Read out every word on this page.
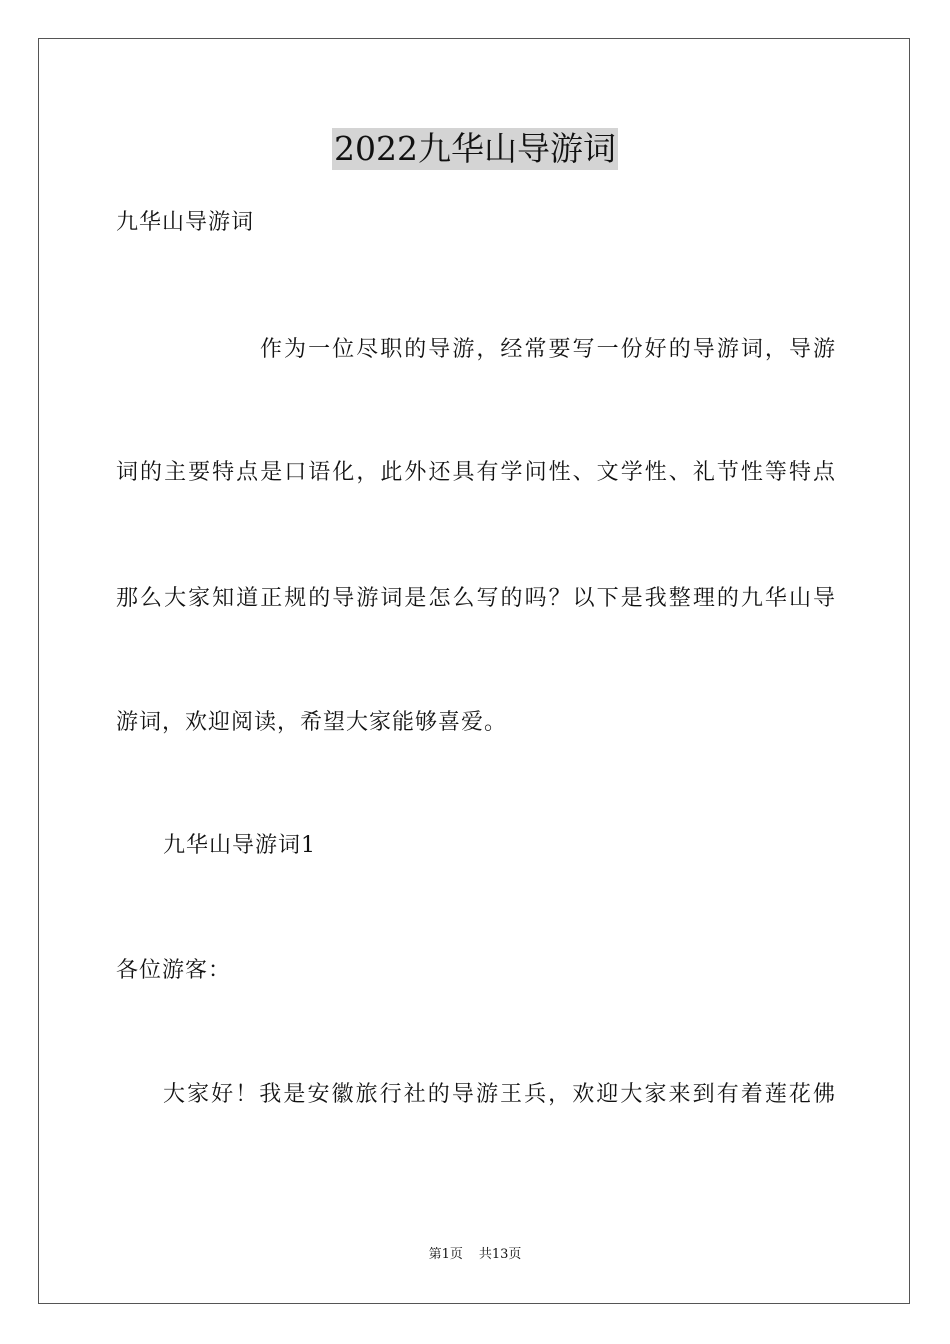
2022九华山导游词
九华山导游词
作为一位尽职的导游，经常要写一份好的导游词，导游
词的主要特点是口语化，此外还具有学问性、文学性、礼节性等特点
那么大家知道正规的导游词是怎么写的吗？以下是我整理的九华山导
游词，欢迎阅读，希望大家能够喜爱。
九华山导游词1
各位游客：
大家好！我是安徽旅行社的导游王兵，欢迎大家来到有着莲花佛
第1页 共13页
